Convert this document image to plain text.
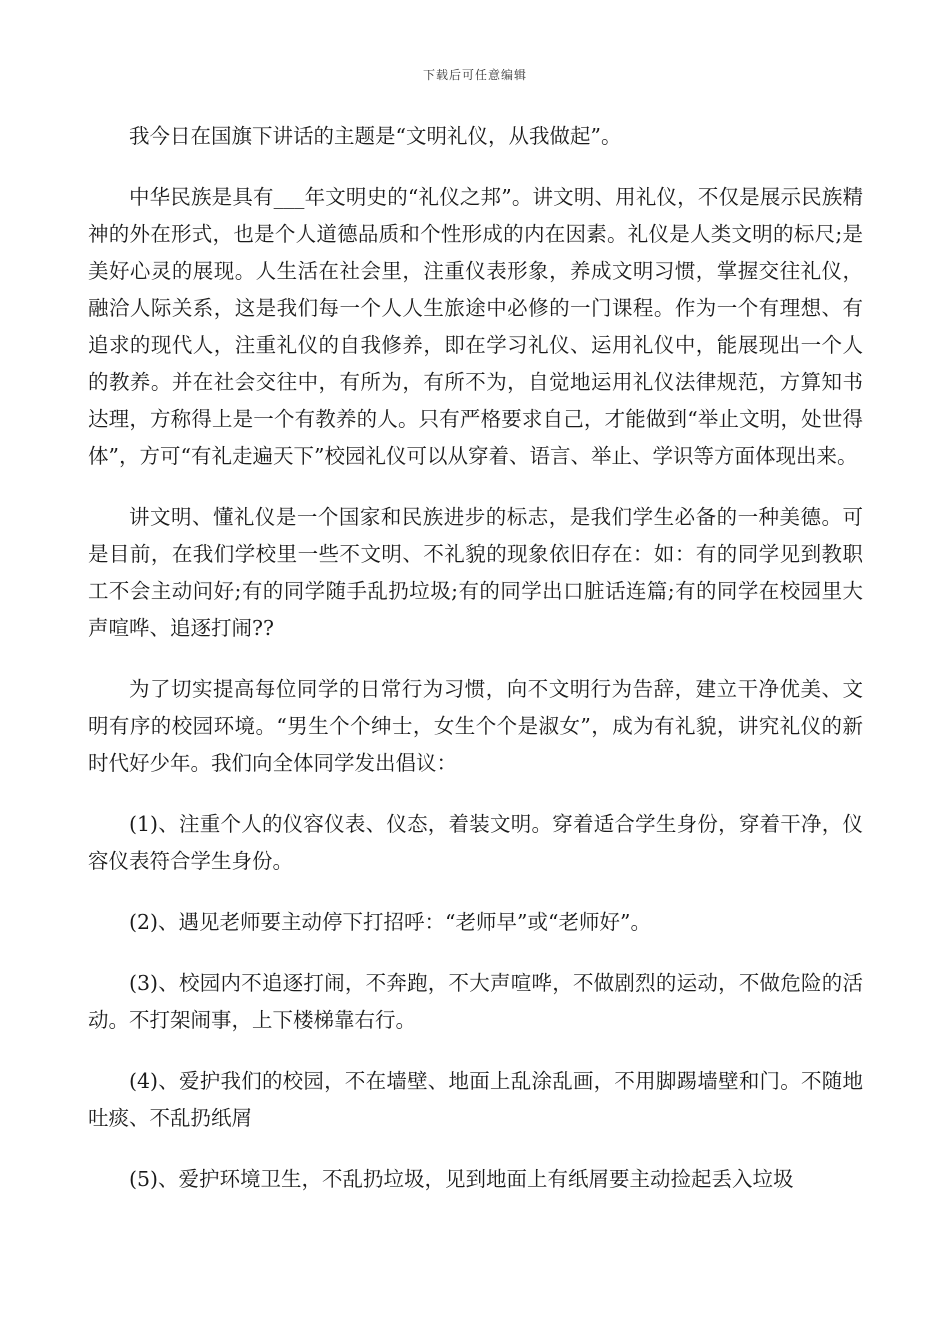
下载后可任意编辑

我今日在国旗下讲话的主题是“文明礼仪，从我做起”。

中华民族是具有___年文明史的“礼仪之邦”。讲文明、用礼仪，不仅是展示民族精神的外在形式，也是个人道德品质和个性形成的内在因素。礼仪是人类文明的标尺;是美好心灵的展现。人生活在社会里，注重仪表形象，养成文明习惯，掌握交往礼仪，融洽人际关系，这是我们每一个人人生旅途中必修的一门课程。作为一个有理想、有追求的现代人，注重礼仪的自我修养，即在学习礼仪、运用礼仪中，能展现出一个人的教养。并在社会交往中，有所为，有所不为，自觉地运用礼仪法律规范，方算知书达理，方称得上是一个有教养的人。只有严格要求自己，才能做到“举止文明，处世得体”，方可“有礼走遍天下”校园礼仪可以从穿着、语言、举止、学识等方面体现出来。

讲文明、懂礼仪是一个国家和民族进步的标志，是我们学生必备的一种美德。可是目前，在我们学校里一些不文明、不礼貌的现象依旧存在：如：有的同学见到教职工不会主动问好;有的同学随手乱扔垃圾;有的同学出口脏话连篇;有的同学在校园里大声喧哗、追逐打闹??

为了切实提高每位同学的日常行为习惯，向不文明行为告辞，建立干净优美、文明有序的校园环境。“男生个个绅士，女生个个是淑女”，成为有礼貌，讲究礼仪的新时代好少年。我们向全体同学发出倡议：

(1)、注重个人的仪容仪表、仪态，着装文明。穿着适合学生身份，穿着干净，仪容仪表符合学生身份。

(2)、遇见老师要主动停下打招呼：“老师早”或“老师好”。

(3)、校园内不追逐打闹，不奔跑，不大声喧哗，不做剧烈的运动，不做危险的活动。不打架闹事，上下楼梯靠右行。

(4)、爱护我们的校园，不在墙壁、地面上乱涂乱画，不用脚踢墙壁和门。不随地吐痰、不乱扔纸屑

(5)、爱护环境卫生，不乱扔垃圾，见到地面上有纸屑要主动捡起丢入垃圾
